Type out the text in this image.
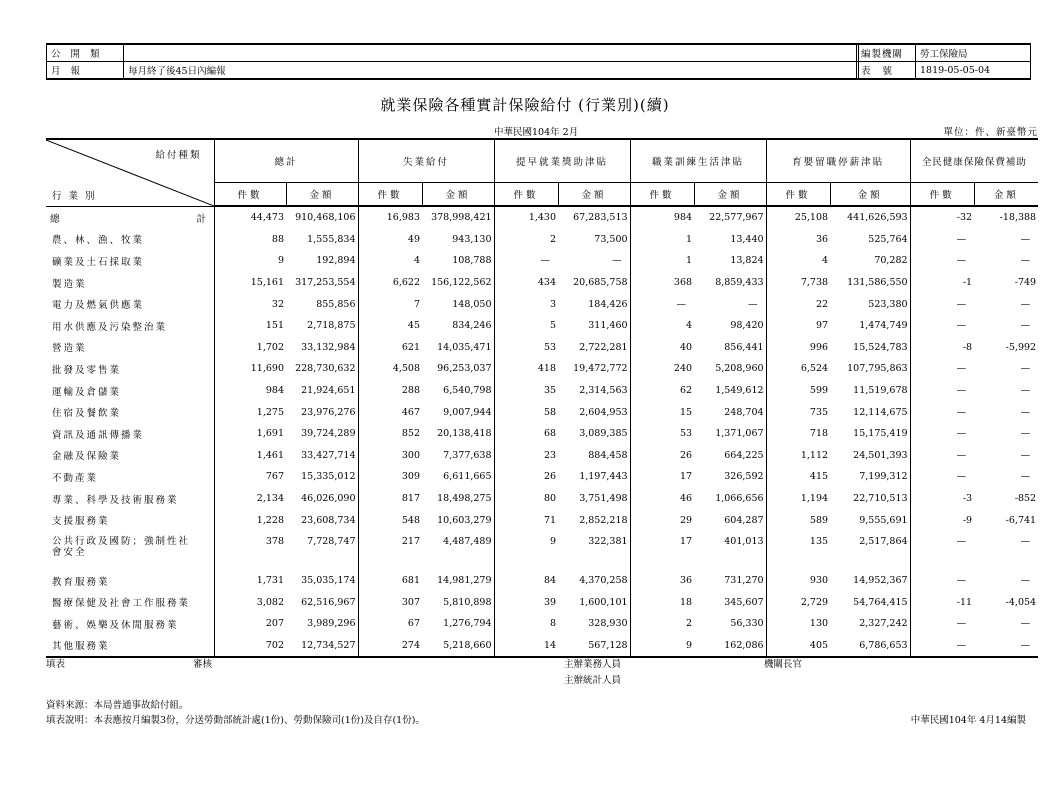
公開類	
月報	每月終了後45日內編報
編製機關	勞工保險局
表號	1819-05-05-04
就業保險各種實計保險給付 (行業別)(續)
中華民國104年 2月	單位：件、新臺幣元
給付種類
行業別	總計		失業給付		提早就業獎助津貼		職業訓練生活津貼		育嬰留職停薪津貼		全民健康保險保費補助	
	件數	金額	件數	金額	件數	金額	件數	金額	件數	金額	件數	金額
總計	44,473	910,468,106	16,983	378,998,421	1,430	67,283,513	984	22,577,967	25,108	441,626,593	-32	-18,388
農、林、漁、牧業	88	1,555,834	49	943,130	2	73,500	1	13,440	36	525,764	—	—
礦業及土石採取業	9	192,894	4	108,788	—	—	1	13,824	4	70,282	—	—
製造業	15,161	317,253,554	6,622	156,122,562	434	20,685,758	368	8,859,433	7,738	131,586,550	-1	-749
電力及燃氣供應業	32	855,856	7	148,050	3	184,426	—	—	22	523,380	—	—
用水供應及污染整治業	151	2,718,875	45	834,246	5	311,460	4	98,420	97	1,474,749	—	—
營造業	1,702	33,132,984	621	14,035,471	53	2,722,281	40	856,441	996	15,524,783	-8	-5,992
批發及零售業	11,690	228,730,632	4,508	96,253,037	418	19,472,772	240	5,208,960	6,524	107,795,863	—	—
運輸及倉儲業	984	21,924,651	288	6,540,798	35	2,314,563	62	1,549,612	599	11,519,678	—	—
住宿及餐飲業	1,275	23,976,276	467	9,007,944	58	2,604,953	15	248,704	735	12,114,675	—	—
資訊及通訊傳播業	1,691	39,724,289	852	20,138,418	68	3,089,385	53	1,371,067	718	15,175,419	—	—
金融及保險業	1,461	33,427,714	300	7,377,638	23	884,458	26	664,225	1,112	24,501,393	—	—
不動產業	767	15,335,012	309	6,611,665	26	1,197,443	17	326,592	415	7,199,312	—	—
專業、科學及技術服務業	2,134	46,026,090	817	18,498,275	80	3,751,498	46	1,066,656	1,194	22,710,513	-3	-852
支援服務業	1,228	23,608,734	548	10,603,279	71	2,852,218	29	604,287	589	9,555,691	-9	-6,741
公共行政及國防；強制性社會安全	378	7,728,747	217	4,487,489	9	322,381	17	401,013	135	2,517,864	—	—
教育服務業	1,731	35,035,174	681	14,981,279	84	4,370,258	36	731,270	930	14,952,367	—	—
醫療保健及社會工作服務業	3,082	62,516,967	307	5,810,898	39	1,600,101	18	345,607	2,729	54,764,415	-11	-4,054
藝術、娛樂及休閒服務業	207	3,989,296	67	1,276,794	8	328,930	2	56,330	130	2,327,242	—	—
其他服務業	702	12,734,527	274	5,218,660	14	567,128	9	162,086	405	6,786,653	—	—
填表	審核	主辦業務人員
主辦統計人員
機關長官
資料來源：本局普通事故給付組。
填表說明：本表應按月編製3份，分送勞動部統計處(1份)、勞動保險司(1份)及自存(1份)。	中華民國104年 4月14編製
